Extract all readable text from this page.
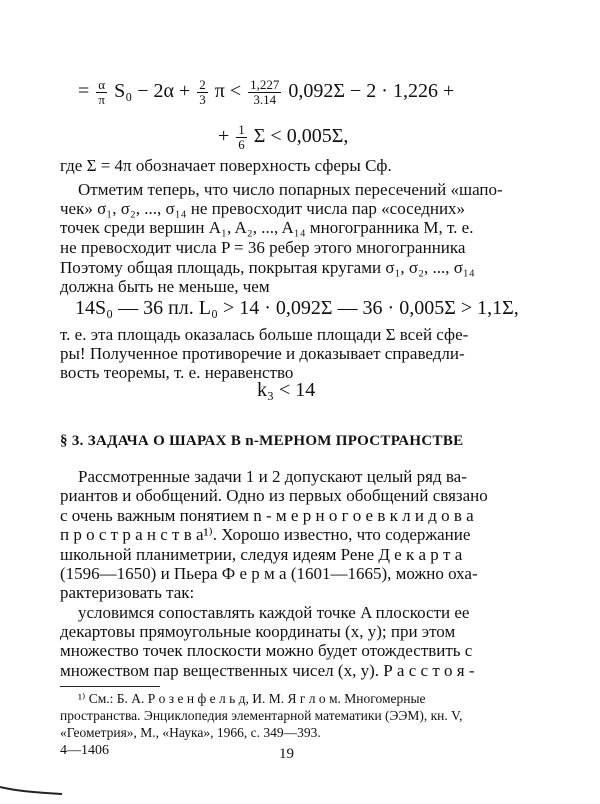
= $\frac{\alpha}{\pi} S_0 - 2\alpha + \frac{2}{3}$ $\pi < \frac{1,227}{3.14} 0,092\Sigma - 2 \cdot 1,226$ +
+ $\frac{1}{6}$ Σ < 0,005Σ,
где Σ = 4π обозначает поверхность сферы Сф.
Отметим теперь, что число попарных пересечений «шапо-
чек» σ₁, σ₂, ..., σ₁₄ не превосходит числа пар «соседних»
точек среди вершин A₁, A₂, ..., A₁₄ многогранника M, т. е.
не превосходит числа P = 36 ребер этого многогранника
Поэтому общая площадь, покрытая кругами σ₁, σ₂, ..., σ₁₄
должна быть не меньше, чем
14S₀ — 36 пл. L₀ > 14 · 0,092Σ — 36 · 0,005Σ > 1,1Σ,
т. е. эта площадь оказалась больше площади Σ всей сфе-
ры! Полученное противоречие и доказывает справедли-
вость теоремы, т. е. неравенство
k₃ < 14
§ 3. ЗАДАЧА О ШАРАХ В n-МЕРНОМ ПРОСТРАНСТВЕ
Рассмотренные задачи 1 и 2 допускают целый ряд ва-
риантов и обобщений. Одно из первых обобщений связано
с очень важным понятием n - м е р н о г о е в к л и д о в а
п р о с т р а н с т в а¹⁾. Хорошо известно, что содержание
школьной планиметрии, следуя идеям Рене Д е к а р т а
(1596—1650) и Пьера Ф е р м а (1601—1665), можно оха-
рактеризовать так:
условимся сопоставлять каждой точке A плоскости ее
декартовы прямоугольные координаты (x, y); при этом
множество точек плоскости можно будет отождествить с
множеством пар вещественных чисел (x, y). Р а с с т о я -
¹⁾ См.: Б. А. Р о з е н ф е л ь д, И. М. Я г л о м. Многомерные
пространства. Энциклопедия элементарной математики (ЭЭМ), кн. V,
«Геометрия», М., «Наука», 1966, с. 349—393.
4—1406	19
